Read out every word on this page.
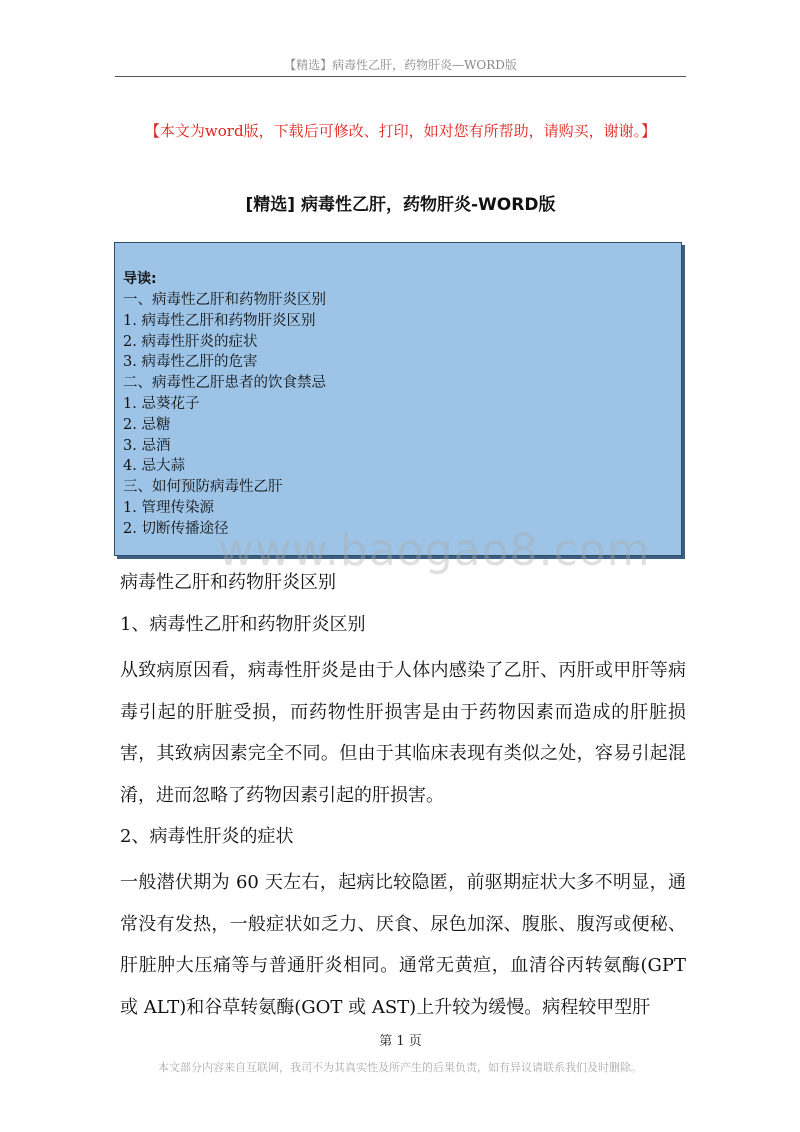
【精选】病毒性乙肝，药物肝炎—WORD版
【本文为word版，下载后可修改、打印，如对您有所帮助，请购买，谢谢。】
[精选] 病毒性乙肝，药物肝炎-WORD版
导读:
一、病毒性乙肝和药物肝炎区别
1. 病毒性乙肝和药物肝炎区别
2. 病毒性肝炎的症状
3. 病毒性乙肝的危害
二、病毒性乙肝患者的饮食禁忌
1. 忌葵花子
2. 忌糖
3. 忌酒
4. 忌大蒜
三、如何预防病毒性乙肝
1. 管理传染源
2. 切断传播途径
www.baogao8.com
病毒性乙肝和药物肝炎区别
1、病毒性乙肝和药物肝炎区别

从致病原因看，病毒性肝炎是由于人体内感染了乙肝、丙肝或甲肝等病毒引起的肝脏受损，而药物性肝损害是由于药物因素而造成的肝脏损害，其致病因素完全不同。但由于其临床表现有类似之处，容易引起混淆，进而忽略了药物因素引起的肝损害。

2、病毒性肝炎的症状

一般潜伏期为 60 天左右，起病比较隐匿，前驱期症状大多不明显，通常没有发热，一般症状如乏力、厌食、尿色加深、腹胀、腹泻或便秘、肝脏肿大压痛等与普通肝炎相同。通常无黄疸，血清谷丙转氨酶(GPT 或 ALT)和谷草转氨酶(GOT 或 AST)上升较为缓慢。病程较甲型肝

第 1 页
本文部分内容来自互联网，我司不为其真实性及所产生的后果负责，如有异议请联系我们及时删除。
